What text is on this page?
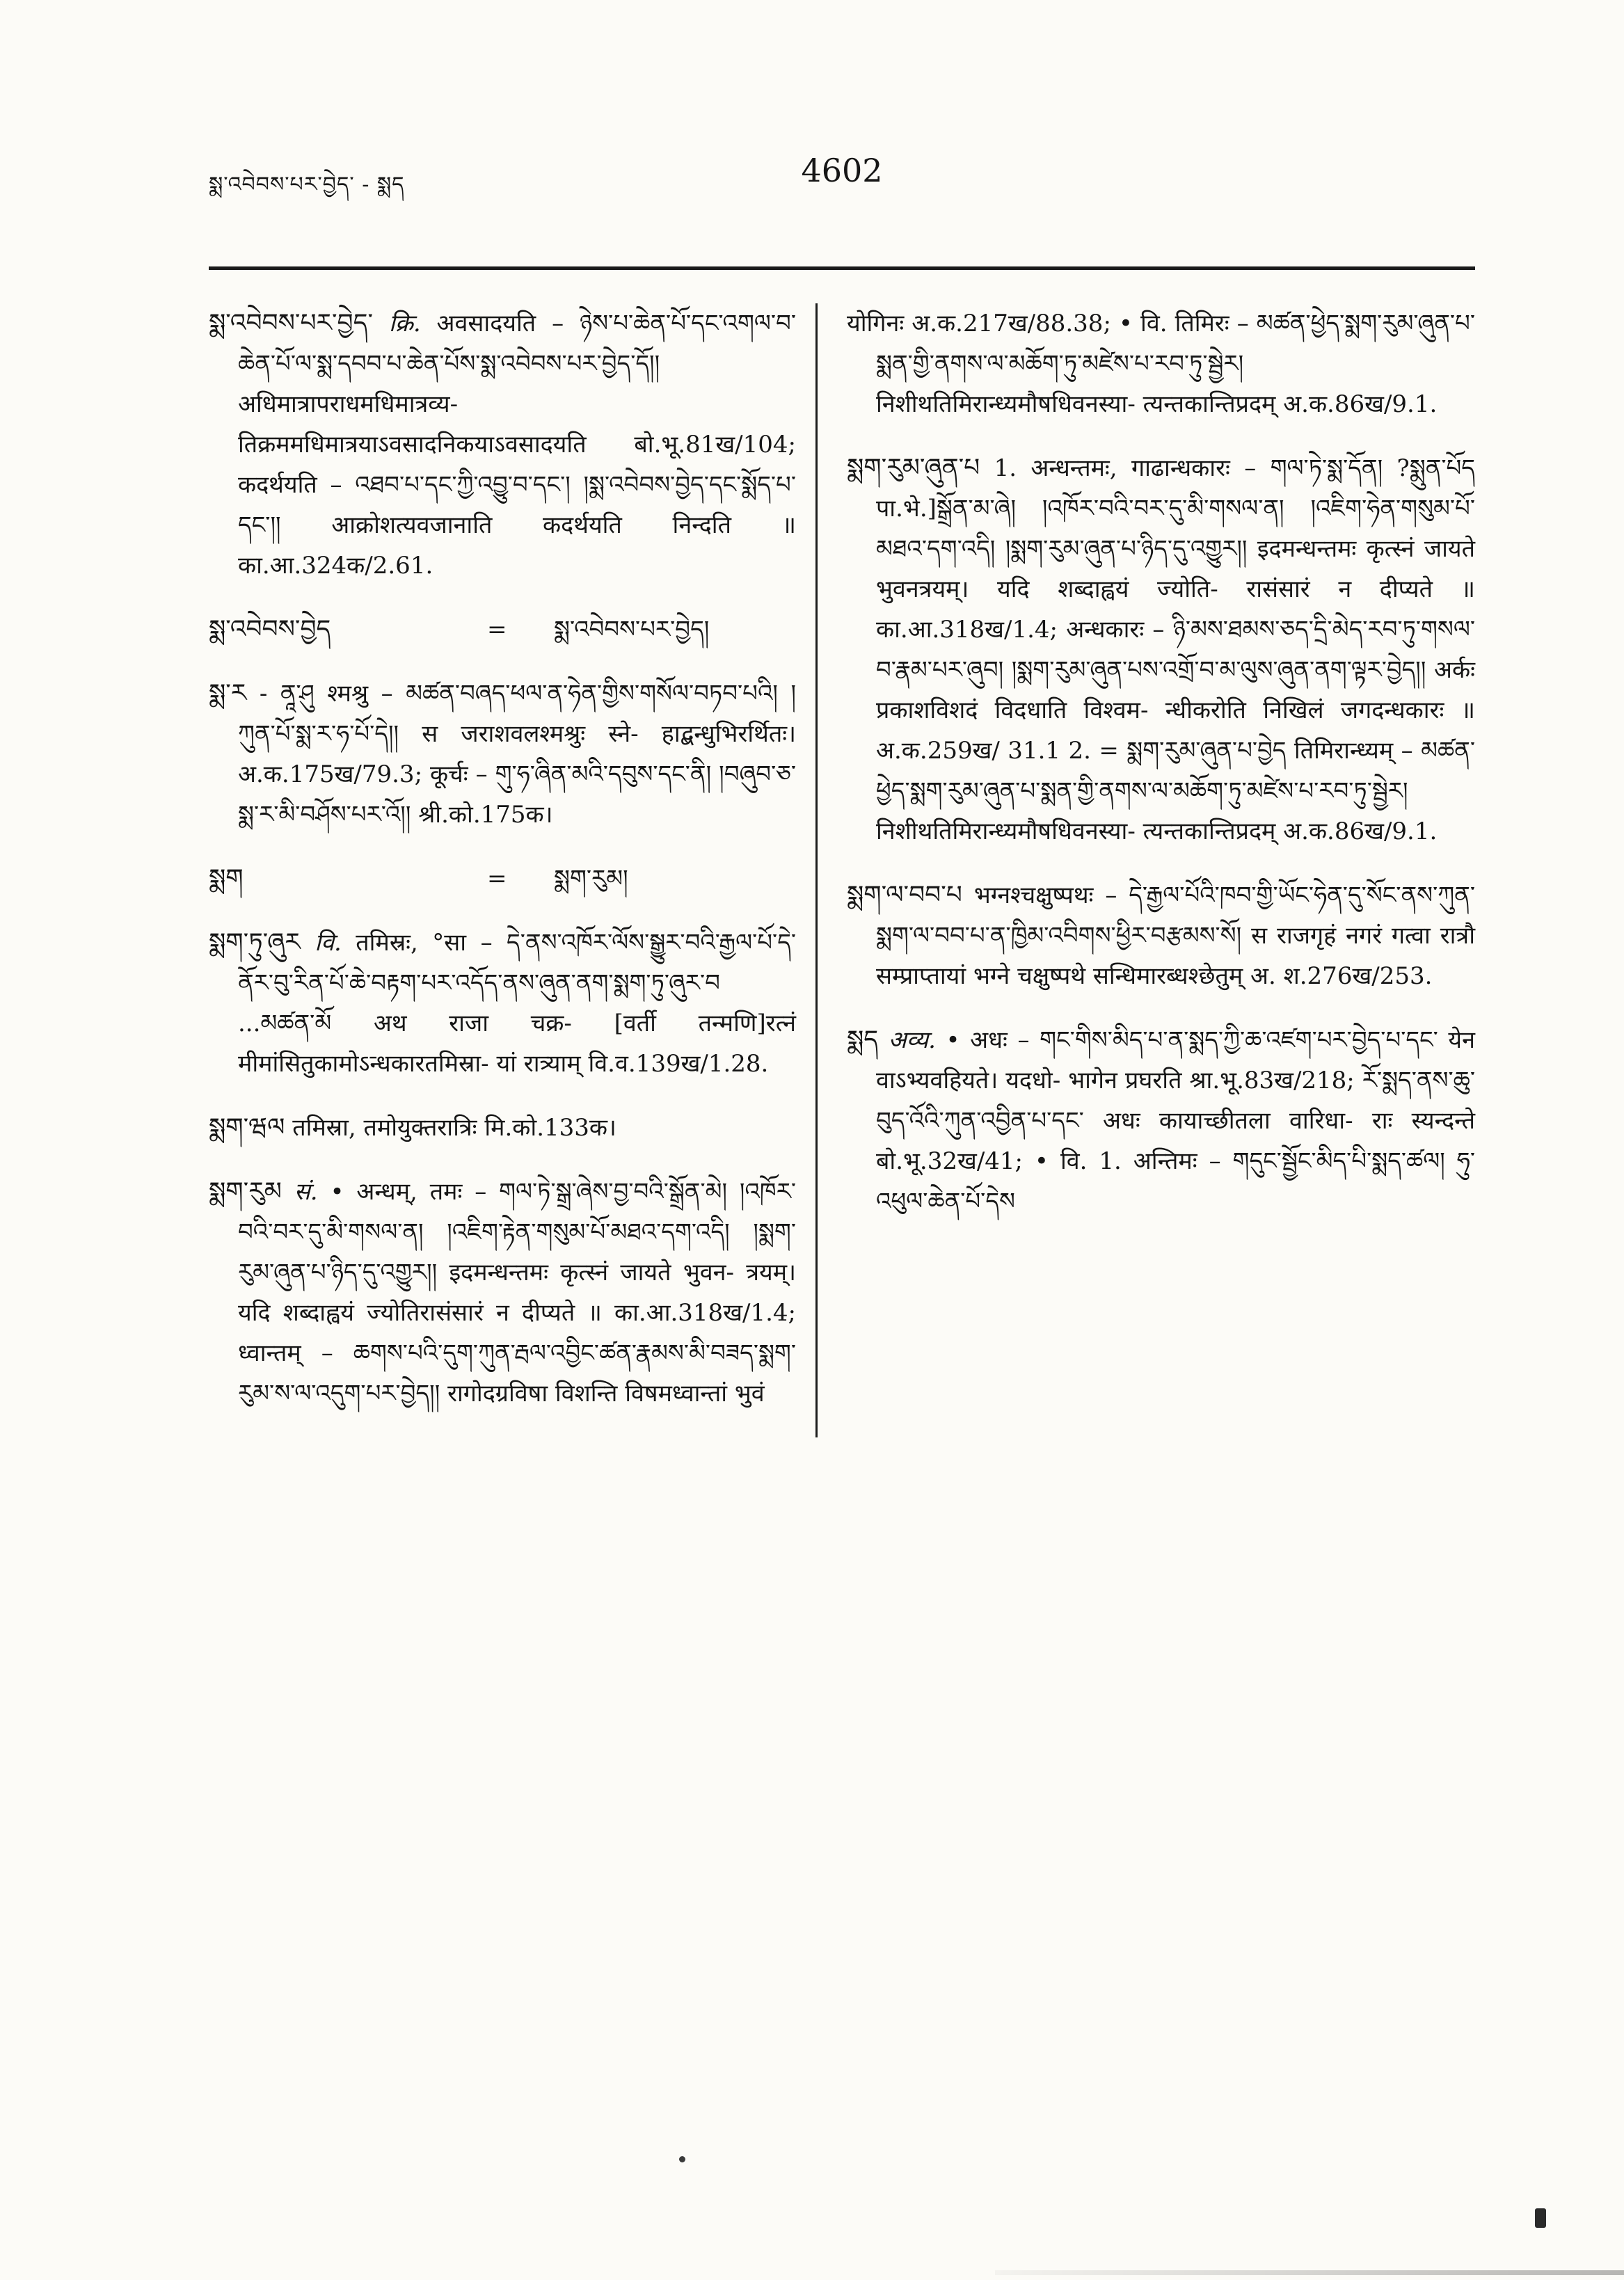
སྨ་འབེབས་པར་བྱེད་ - སྨད	4602

སྨ་འབེབས་པར་བྱེད་ क्रि. अवसादयति – ཉེས་པ་ཆེན་པོ་དང་འགལ་བ་ཆེན་པོ་ལ་སྨ་དབབ་པ་ཆེན་པོས་སྨ་འབེབས་པར་བྱེད་དོ།། अधिमात्रापराधमधिमात्रव्य- तिक्रममधिमात्रयाऽवसादनिकयाऽवसादयति बो.भू.81ख/104; कदर्थयति – འཐབ་པ་དང་ཀྱི་འབྱུ་བ་དང་། །སྨ་འབེབས་བྱེད་དང་སྨོད་པ་དང་།། आक्रोशत्यवजानाति कदर्थयति निन्दति ॥ का.आ.324क/2.61.

སྨ་འབེབས་བྱེད	= སྨ་འབེབས་པར་བྱེད།

སྨ་ར - ནཱ་ཤུ श्मश्रु – མཚན་བཞད་ཕལ་ན་ཧེན་གྱིས་གསོལ་བཏབ་པའི། །ཀུན་པོ་སྨ་ར་ཧ་པོ་དེ།། स जराशवलश्मश्रुः स्ने- हाद्बन्धुभिरर्थितः। अ.क.175ख/79.3; कूर्चः – གུ་ཧ་ཞིན་མའི་དབུས་དང་ནི། །བཞུབ་ཅ་སྨ་ར་མི་བཤོས་པར་འོ།། श्री.को.175क।

སྨག	= སྨག་རུམ།

སྨག་ཏུ་ཞུར वि. तमिस्रः, °सा – དེ་ནས་འཁོར་ལོས་སྒྱུར་བའི་རྒྱལ་པོ་དེ་ནོར་བུ་རིན་པོ་ཆེ་བརྟག་པར་འདོད་ནས་ཞུན་ནག་སྨག་ཏུ་ཞུར་བ ...མཚན་མོ अथ राजा चक्र- [वर्ती तन्मणि]रत्नं मीमांसितुकामोऽन्धकारतमिस्रा- यां रात्र्याम् वि.व.139ख/1.28.

སྨག་ཝལ तमिस्रा, तमोयुक्तरात्रिः मि.को.133क।

སྨག་རུམ सं. • अन्धम्, तमः – གལ་ཏེ་སྒྲ་ཞེས་བྱ་བའི་སྒྲོན་མེ། །འཁོར་བའི་བར་དུ་མི་གསལ་ན། །འཇིག་རྟེན་གསུམ་པོ་མཐའ་དག་འདི། །སྨག་རུམ་ཞུན་པ་ཉིད་དུ་འགྱུར།། इदमन्धन्तमः कृत्स्नं जायते भुवन- त्रयम्। यदि शब्दाह्वयं ज्योतिरासंसारं न दीप्यते ॥ का.आ.318ख/1.4; ध्वान्तम् – ཆགས་པའི་དུག་ཀུན་རྦལ་འབྱིང་ཚན་རྣམས་མི་བཟད་སྨག་རུམ་ས་ལ་འདུག་པར་བྱེད།། रागोदग्रविषा विशन्ति विषमध्वान्तां भुवं

योगिनः अ.क.217ख/88.38; • वि. तिमिरः – མཚན་ཕྱེད་སྨག་རུམ་ཞུན་པ་སྨན་གྱི་ནགས་ལ་མཆོག་ཏུ་མཛེས་པ་རབ་ཏུ་སྦྱེར། निशीथतिमिरान्ध्यमौषधिवनस्या- त्यन्तकान्तिप्रदम् अ.क.86ख/9.1.

སྨག་རུམ་ཞུན་པ 1. अन्धन्तमः, गाढान्धकारः – གལ་ཏེ་སྨ་དོན། ?སྨུན་པོད पा.भे.]སྒྲོན་མ་ཞེ། །འཁོར་བའི་བར་དུ་མི་གསལ་ན། །འཇིག་ཧེན་གསུམ་པོ་མཐའ་དག་འདི། །སྨག་རུམ་ཞུན་པ་ཉིད་དུ་འགྱུར།། इदमन्धन्तमः कृत्स्नं जायते भुवनत्रयम्। यदि शब्दाह्वयं ज्योति- रासंसारं न दीप्यते ॥ का.आ.318ख/1.4; अन्धकारः – ཉི་མས་ཐམས་ཅད་དྲི་མེད་རབ་ཏུ་གསལ་བ་རྣམ་པར་ཞུབ། །སྨག་རུམ་ཞུན་པས་འགྲོ་བ་མ་ལུས་ཞུན་ནག་ལྟར་བྱེད།། अर्कः प्रकाशविशदं विदधाति विश्वम- न्धीकरोति निखिलं जगदन्धकारः ॥ अ.क.259ख/ 31.1 2. = སྨག་རུམ་ཞུན་པ་བྱེད तिमिरान्ध्यम् – མཚན་ཕྱེད་སྨག་རུམ་ཞུན་པ་སྨན་གྱི་ནགས་ལ་མཆོག་ཏུ་མཛེས་པ་རབ་ཏུ་སྦྱེར། निशीथतिमिरान्ध्यमौषधिवनस्या- त्यन्तकान्तिप्रदम् अ.क.86ख/9.1.

སྨག་ལ་བབ་པ भग्नश्चक्षुष्पथः – དེ་རྒྱལ་པོའི་ཁབ་གྱི་ཡོང་ཧེན་དུ་སོང་ནས་ཀུན་སྨག་ལ་བབ་པ་ན་ཁྱིམ་འབིགས་ཕྱིར་བརྩམས་སོ། स राजगृहं नगरं गत्वा रात्रौ सम्प्राप्तायां भग्ने चक्षुष्पथे सन्धिमारब्धश्छेतुम् अ. श.276ख/253.

སྨད अव्य. • अधः – གང་གིས་མིད་པ་ན་སྨད་ཀྱི་ཆ་འཛག་པར་བྱེད་པ་དང་ येन वाऽभ्यवहियते। यदधो- भागेन प्रघरति श्रा.भू.83ख/218; རོ་སྨད་ནས་ཆུ་བུད་འོའི་ཀུན་འབྱིན་པ་དང་ अधः कायाच्छीतला वारिधा- राः स्यन्दन्ते बो.भू.32ख/41; • वि. 1. अन्तिमः – གདུང་སྦྱོང་མིད་པི་སྨད་ཚལ། ཧུ་འཕུལ་ཆེན་པོ་དེས
